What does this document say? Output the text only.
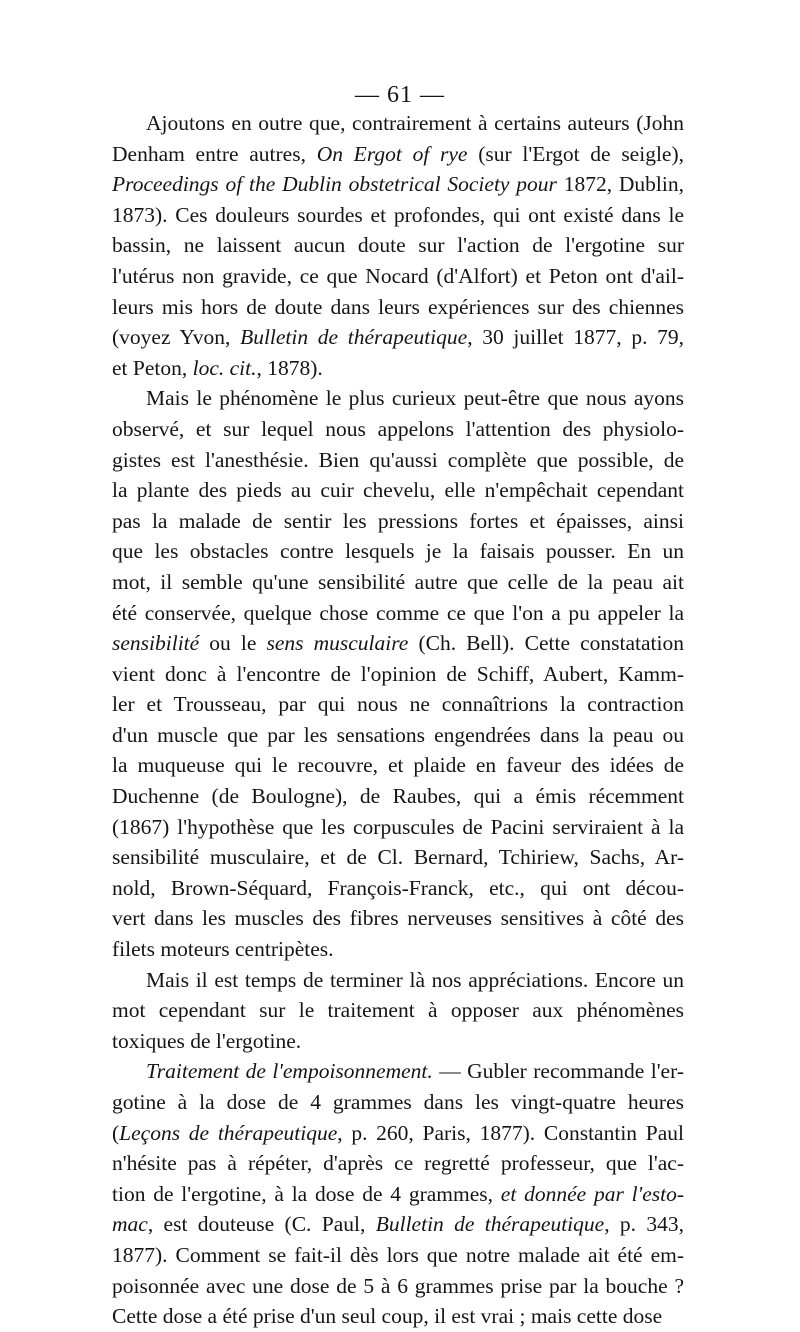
— 61 —
Ajoutons en outre que, contrairement à certains auteurs (John
Denham entre autres, On Ergot of rye (sur l'Ergot de seigle),
Proceedings of the Dublin obstetrical Society pour 1872, Dublin,
1873). Ces douleurs sourdes et profondes, qui ont existé dans le
bassin, ne laissent aucun doute sur l'action de l'ergotine sur
l'utérus non gravide, ce que Nocard (d'Alfort) et Peton ont d'ail-
leurs mis hors de doute dans leurs expériences sur des chiennes
(voyez Yvon, Bulletin de thérapeutique, 30 juillet 1877, p. 79,
et Peton, loc. cit., 1878).
Mais le phénomène le plus curieux peut-être que nous ayons
observé, et sur lequel nous appelons l'attention des physiolo-
gistes est l'anesthésie. Bien qu'aussi complète que possible, de
la plante des pieds au cuir chevelu, elle n'empêchait cependant
pas la malade de sentir les pressions fortes et épaisses, ainsi
que les obstacles contre lesquels je la faisais pousser. En un
mot, il semble qu'une sensibilité autre que celle de la peau ait
été conservée, quelque chose comme ce que l'on a pu appeler la
sensibilité ou le sens musculaire (Ch. Bell). Cette constatation
vient donc à l'encontre de l'opinion de Schiff, Aubert, Kamm-
ler et Trousseau, par qui nous ne connaîtrions la contraction
d'un muscle que par les sensations engendrées dans la peau ou
la muqueuse qui le recouvre, et plaide en faveur des idées de
Duchenne (de Boulogne), de Raubes, qui a émis récemment
(1867) l'hypothèse que les corpuscules de Pacini serviraient à la
sensibilité musculaire, et de Cl. Bernard, Tchiriew, Sachs, Ar-
nold, Brown-Séquard, François-Franck, etc., qui ont décou-
vert dans les muscles des fibres nerveuses sensitives à côté des
filets moteurs centripètes.
Mais il est temps de terminer là nos appréciations. Encore un
mot cependant sur le traitement à opposer aux phénomènes
toxiques de l'ergotine.
Traitement de l'empoisonnement. — Gubler recommande l'er-
gotine à la dose de 4 grammes dans les vingt-quatre heures
(Leçons de thérapeutique, p. 260, Paris, 1877). Constantin Paul
n'hésite pas à répéter, d'après ce regretté professeur, que l'ac-
tion de l'ergotine, à la dose de 4 grammes, et donnée par l'esto-
mac, est douteuse (C. Paul, Bulletin de thérapeutique, p. 343,
1877). Comment se fait-il dès lors que notre malade ait été em-
poisonnée avec une dose de 5 à 6 grammes prise par la bouche ?
Cette dose a été prise d'un seul coup, il est vrai ; mais cette dose
